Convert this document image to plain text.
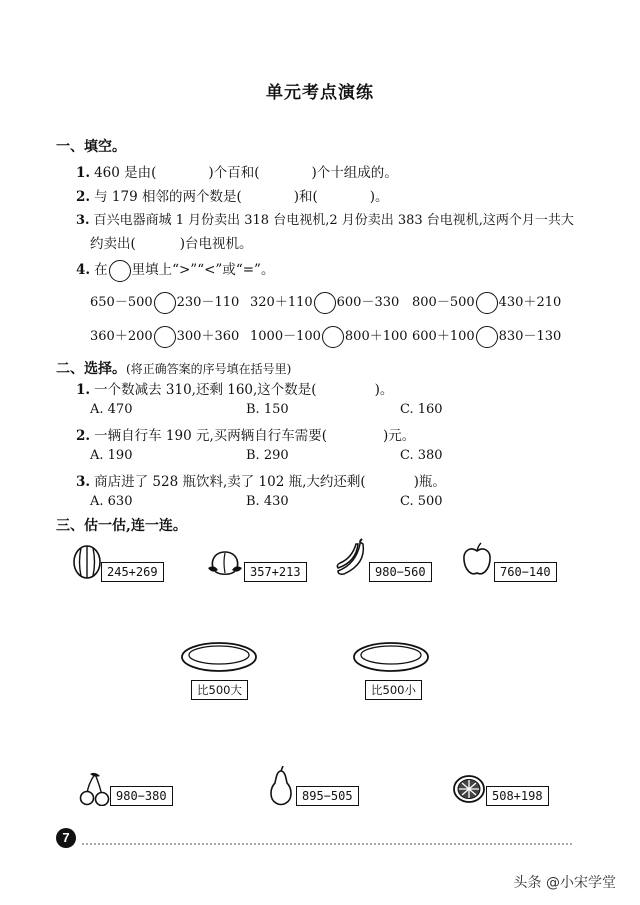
单元考点演练
一、填空。
1. 460 是由(	)个百和(	)个十组成的。
2. 与 179 相邻的两个数是(	)和(	)。
3. 百兴电器商城 1 月份卖出 318 台电视机,2 月份卖出 383 台电视机,这两个月一共大
约卖出(	)台电视机。
4. 在 里填上“>”“<”或“=”。
650－500 230－110 320＋110 600－330 800－500 430＋210
360＋200 300＋360 1000－100 800＋100 600＋100 830－130
二、选择。(将正确答案的序号填在括号里)
1. 一个数减去 310,还剩 160,这个数是(	)。
A. 470	B. 150	C. 160
2. 一辆自行车 190 元,买两辆自行车需要(	)元。
A. 190	B. 290	C. 380
3. 商店进了 528 瓶饮料,卖了 102 瓶,大约还剩(	)瓶。
A. 630	B. 430	C. 500
三、估一估,连一连。
245+269	357+213	980−560	760−140
比500大	比500小
980−380	895−505	508+198
7
头条 @小宋学堂
